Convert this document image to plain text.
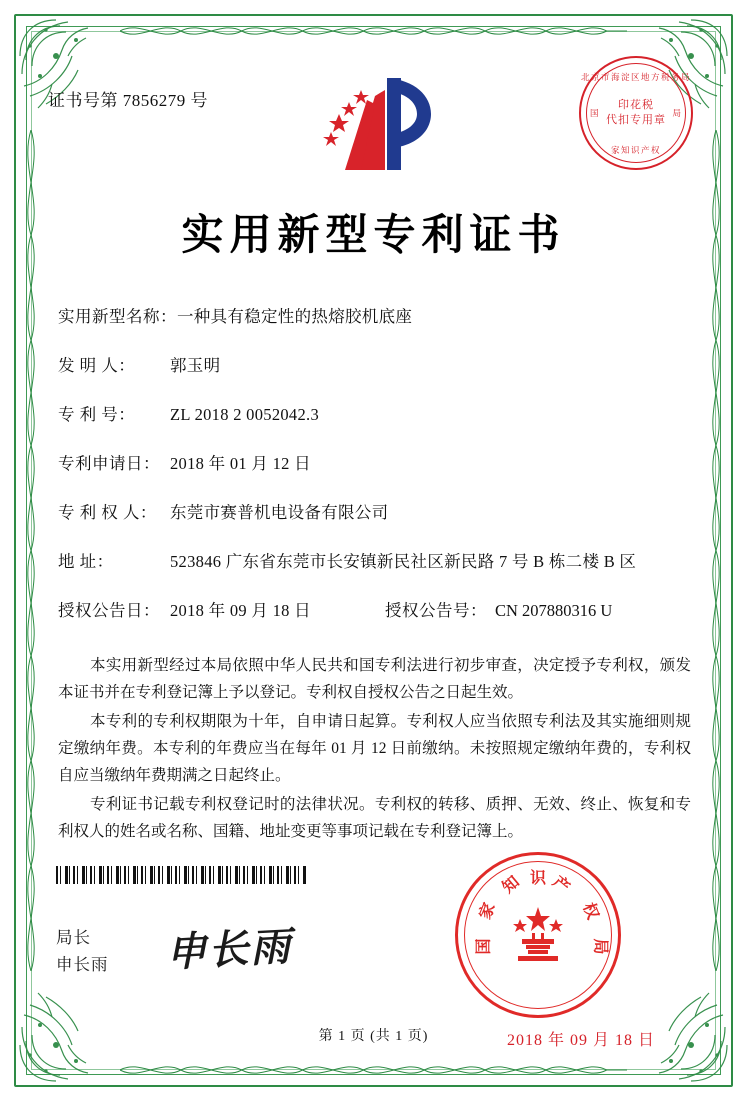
证书号第 7856279 号
北京市海淀区地方税务局
国	局
印花税
代扣专用章
家知识产权
实用新型专利证书
实用新型名称： 一种具有稳定性的热熔胶机底座
发 明 人：	郭玉明
专 利 号：	ZL 2018 2 0052042.3
专利申请日： 2018 年 01 月 12 日
专 利 权 人： 东莞市赛普机电设备有限公司
地 址：	523846 广东省东莞市长安镇新民社区新民路 7 号 B 栋二楼 B 区
授权公告日： 2018 年 09 月 18 日	授权公告号： CN 207880316 U

本实用新型经过本局依照中华人民共和国专利法进行初步审查，决定授予专利权，颁发本证书并在专利登记簿上予以登记。专利权自授权公告之日起生效。

本专利的专利权期限为十年，自申请日起算。专利权人应当依照专利法及其实施细则规定缴纳年费。本专利的年费应当在每年 01 月 12 日前缴纳。未按照规定缴纳年费的，专利权自应当缴纳年费期满之日起终止。

专利证书记载专利权登记时的法律状况。专利权的转移、质押、无效、终止、恢复和专利权人的姓名或名称、国籍、地址变更等事项记载在专利登记簿上。

局长
申长雨 申长雨
识 产
权
局
国
家
知
2018 年 09 月 18 日
第 1 页 (共 1 页)
